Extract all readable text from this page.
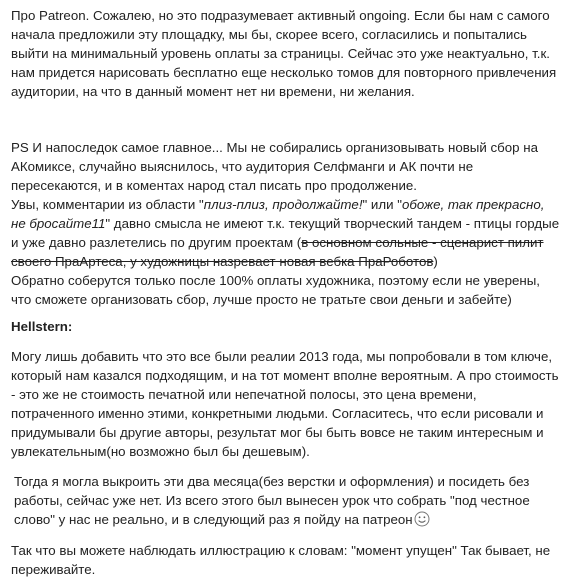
Про Patreon. Сожалею, но это подразумевает активный ongoing. Если бы нам с самого начала предложили эту площадку, мы бы, скорее всего, согласились и попытались выйти на минимальный уровень оплаты за страницы. Сейчас это уже неактуально, т.к. нам придется нарисовать бесплатно еще несколько томов для повторного привлечения аудитории, на что в данный момент нет ни времени, ни желания.

PS И напоследок самое главное... Мы не собирались организовывать новый сбор на АКомиксе, случайно выяснилось, что аудитория Селфманги и АК почти не пересекаются, и в коментах народ стал писать про продолжение.

Увы, комментарии из области "плиз-плиз, продолжайте!" или "обоже, так прекрасно, не бросайте11" давно смысла не имеют т.к. текущий творческий тандем - птицы гордые и уже давно разлетелись по другим проектам (в основном сольные - сценарист пилит своего ПраАртеса, у художницы назревает новая вебка ПраРоботов)
Обратно соберутся только после 100% оплаты художника, поэтому если не уверены, что сможете организовать сбор, лучше просто не тратьте свои деньги и забейте)

Hellstern:

Могу лишь добавить что это все были реалии 2013 года, мы попробовали в том ключе, который нам казался подходящим, и на тот момент вполне вероятным. А про стоимость - это же не стоимость печатной или непечатной полосы, это цена времени, потраченного именно этими, конкретными людьми. Согласитесь, что если рисовали и придумывали бы другие авторы, результат мог бы быть вовсе не таким интересным и увлекательным(но возможно был бы дешевым).

Тогда я могла выкроить эти два месяца(без верстки и оформления) и посидеть без работы, сейчас уже нет. Из всего этого был вынесен урок что собрать "под честное слово" у нас не реально, и в следующий раз я пойду на патреон

Так что вы можете наблюдать иллюстрацию к словам: "момент упущен" Так бывает, не переживайте.
